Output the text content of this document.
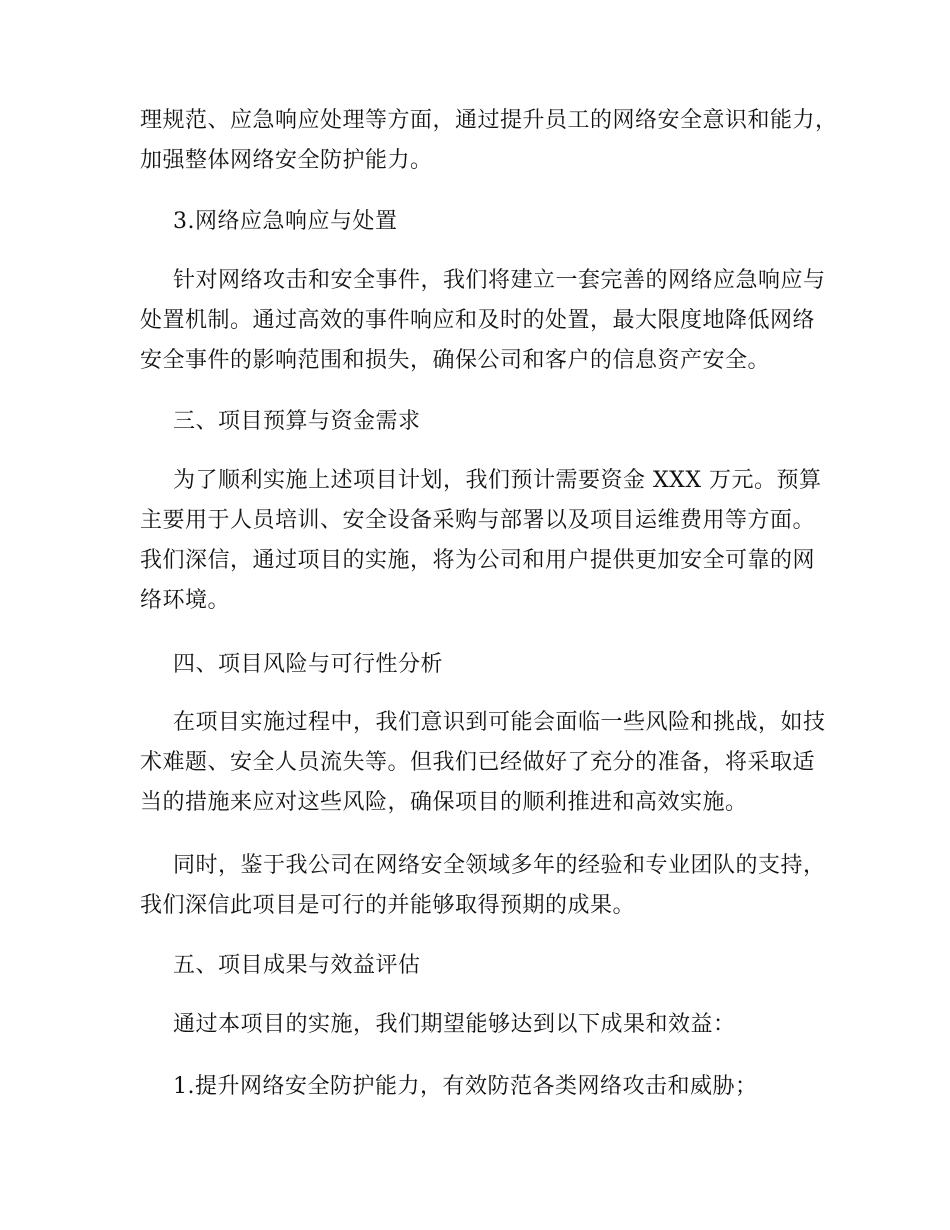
理规范、应急响应处理等方面，通过提升员工的网络安全意识和能力，
加强整体网络安全防护能力。
3.网络应急响应与处置
针对网络攻击和安全事件，我们将建立一套完善的网络应急响应与
处置机制。通过高效的事件响应和及时的处置，最大限度地降低网络
安全事件的影响范围和损失，确保公司和客户的信息资产安全。
三、项目预算与资金需求
为了顺利实施上述项目计划，我们预计需要资金 XXX 万元。预算
主要用于人员培训、安全设备采购与部署以及项目运维费用等方面。
我们深信，通过项目的实施，将为公司和用户提供更加安全可靠的网
络环境。
四、项目风险与可行性分析
在项目实施过程中，我们意识到可能会面临一些风险和挑战，如技
术难题、安全人员流失等。但我们已经做好了充分的准备，将采取适
当的措施来应对这些风险，确保项目的顺利推进和高效实施。
同时，鉴于我公司在网络安全领域多年的经验和专业团队的支持，
我们深信此项目是可行的并能够取得预期的成果。
五、项目成果与效益评估
通过本项目的实施，我们期望能够达到以下成果和效益：
1.提升网络安全防护能力，有效防范各类网络攻击和威胁；
